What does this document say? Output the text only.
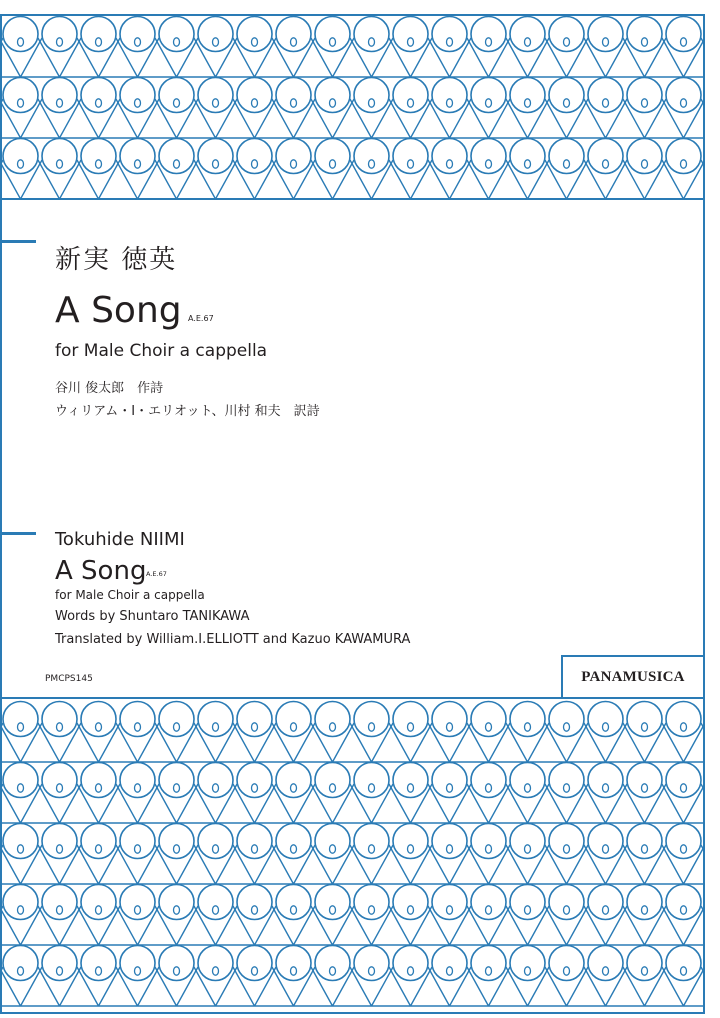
新実 徳英
A Song A.E.67
for Male Choir a cappella
谷川 俊太郎　作詩
ウィリアム・I・エリオット、川村 和夫　訳詩
Tokuhide NIIMI
A Song A.E.67
for Male Choir a cappella
Words by Shuntaro TANIKAWA
Translated by William.I.ELLIOTT and Kazuo KAWAMURA
PMCPS145	PANAMUSICA
